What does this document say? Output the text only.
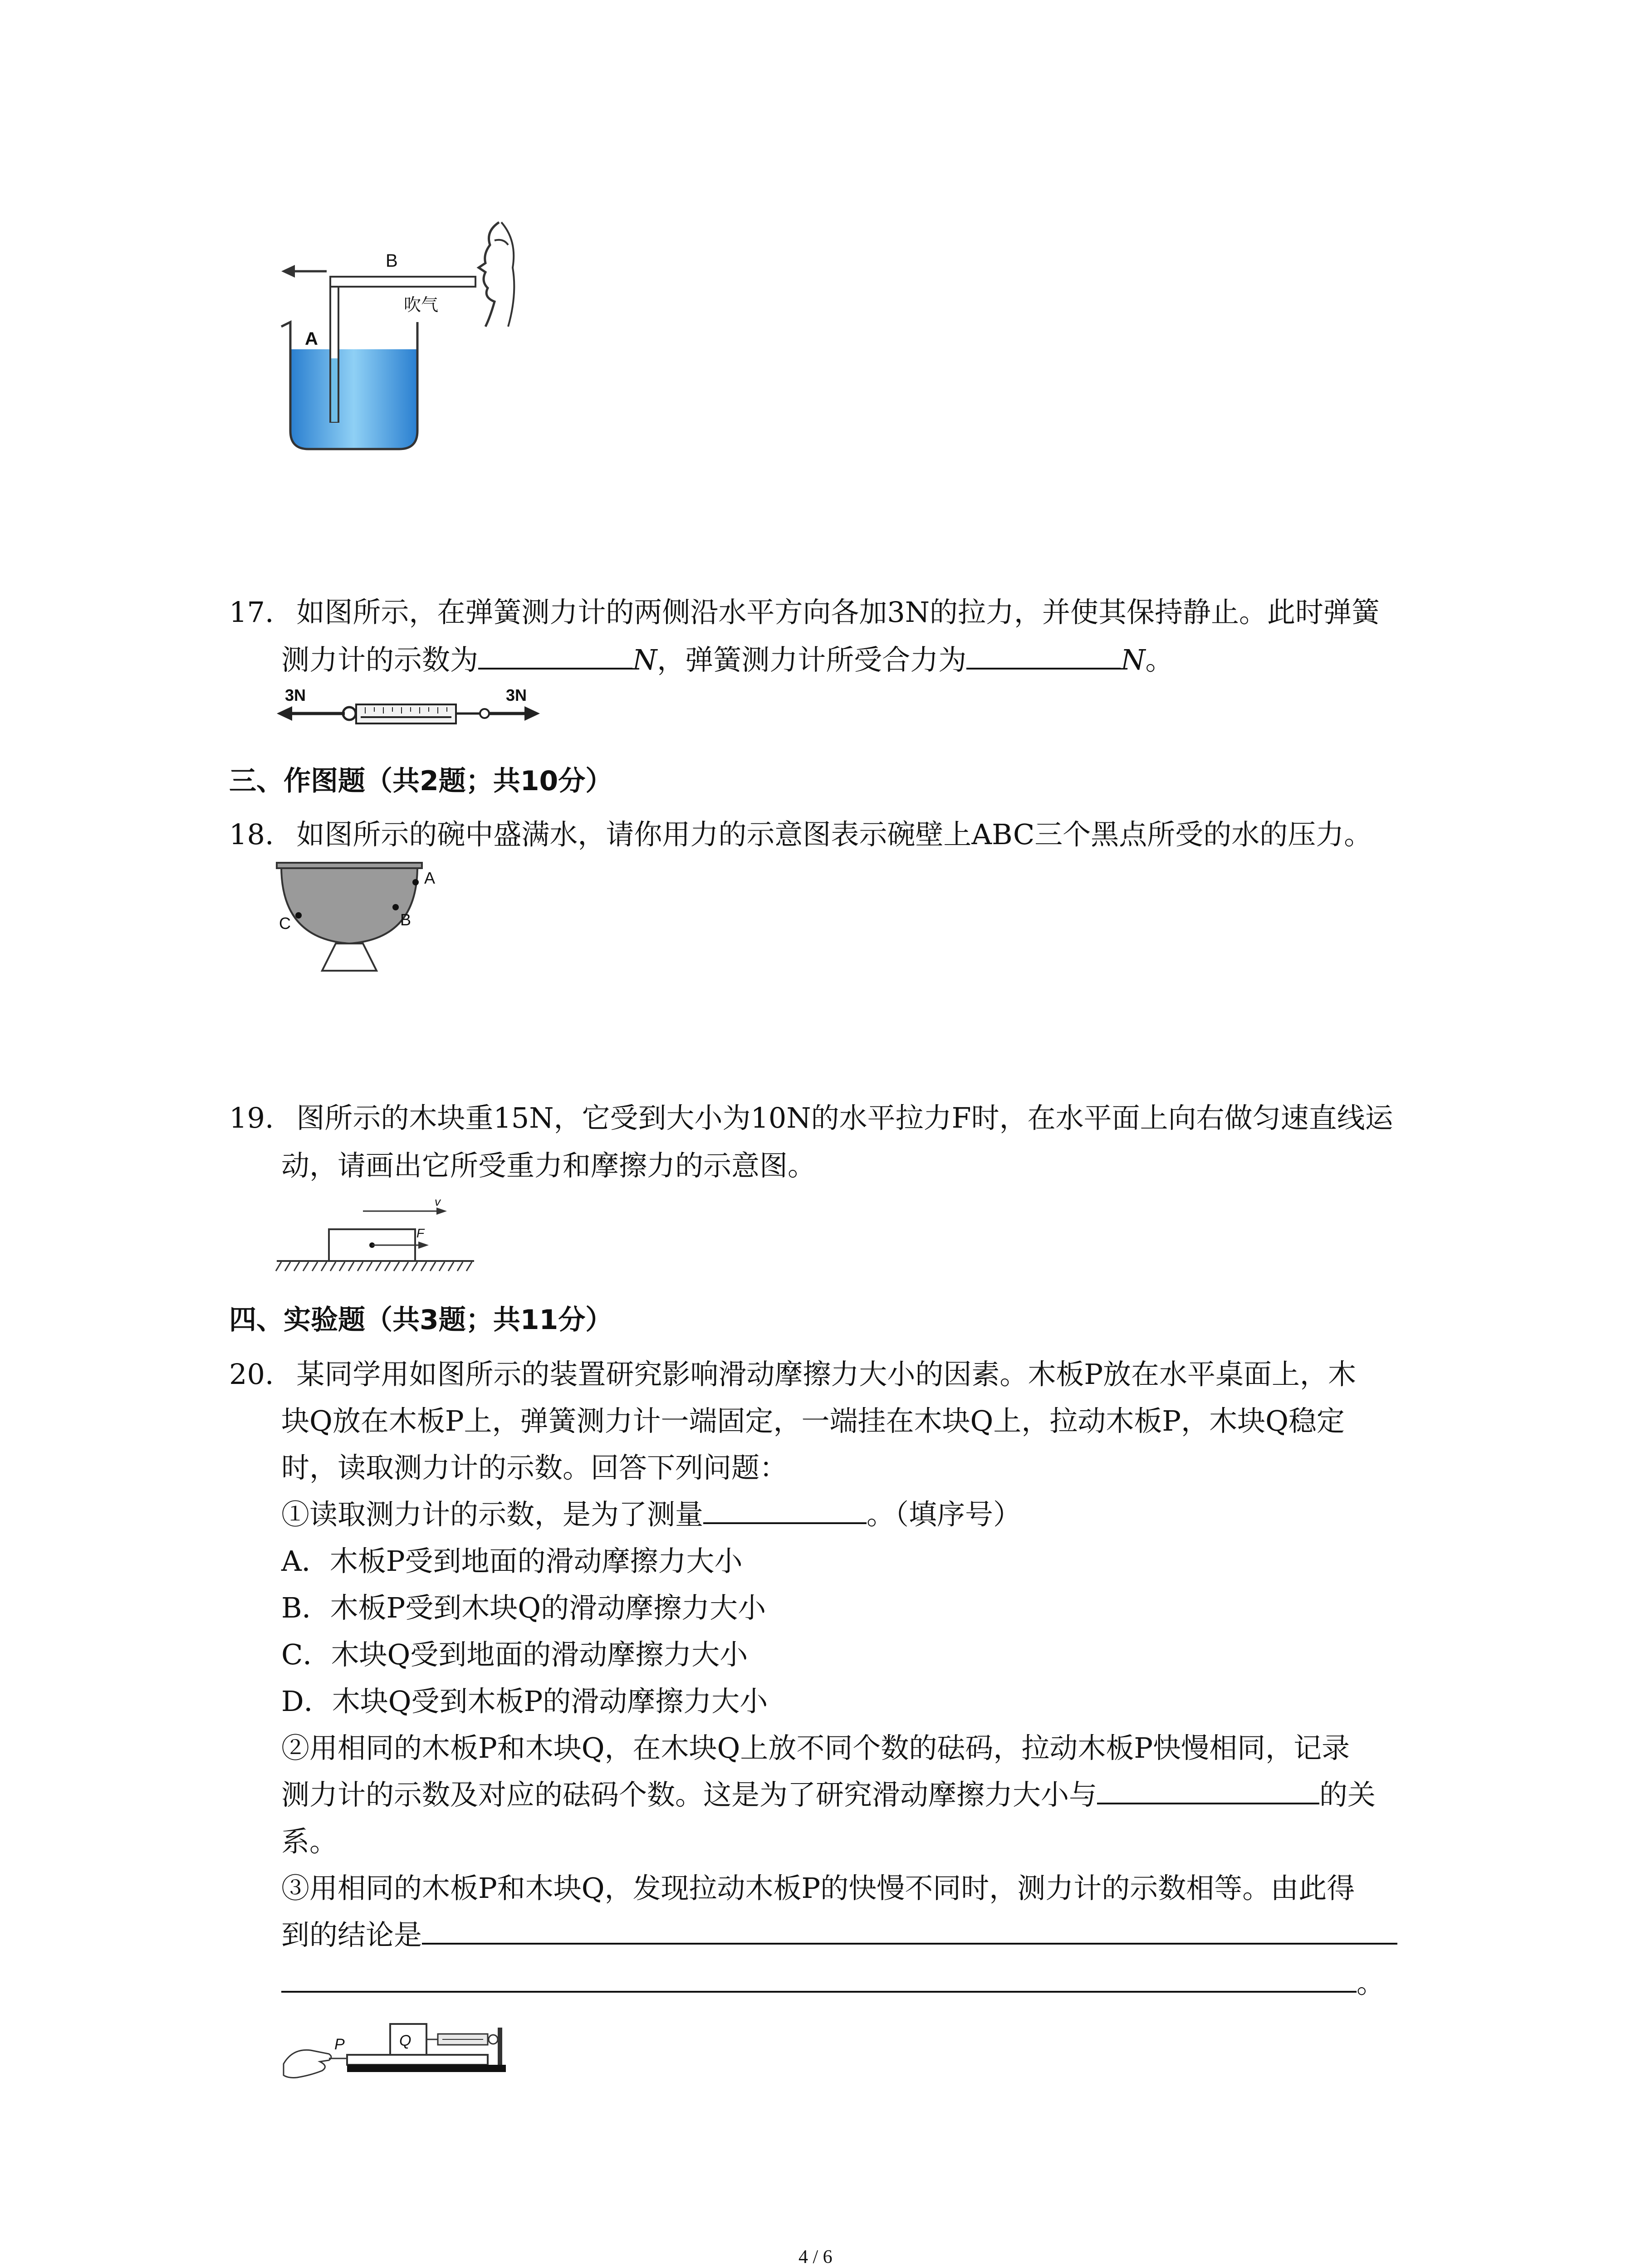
A
B
吹气
17. 如图所示，在弹簧测力计的两侧沿水平方向各加3N的拉力，并使其保持静止。此时弹簧
测力计的示数为	N，弹簧测力计所受合力为	N。
3N	3N
三、作图题（共2题；共10分）
18. 如图所示的碗中盛满水，请你用力的示意图表示碗壁上ABC三个黑点所受的水的压力。
A
B
C
19. 图所示的木块重15N，它受到大小为10N的水平拉力F时，在水平面上向右做匀速直线运
动，请画出它所受重力和摩擦力的示意图。
v
F
四、实验题（共3题；共11分）
20. 某同学用如图所示的装置研究影响滑动摩擦力大小的因素。木板P放在水平桌面上，木
块Q放在木板P上，弹簧测力计一端固定，一端挂在木块Q上，拉动木板P，木块Q稳定
时，读取测力计的示数。回答下列问题：
①读取测力计的示数，是为了测量	。（填序号）
A．木板P受到地面的滑动摩擦力大小
B．木板P受到木块Q的滑动摩擦力大小
C．木块Q受到地面的滑动摩擦力大小
D．木块Q受到木板P的滑动摩擦力大小
②用相同的木板P和木块Q，在木块Q上放不同个数的砝码，拉动木板P快慢相同，记录
测力计的示数及对应的砝码个数。这是为了研究滑动摩擦力大小与	的关
系。
③用相同的木板P和木块Q，发现拉动木板P的快慢不同时，测力计的示数相等。由此得
到的结论是
。
P	Q
4 / 6
